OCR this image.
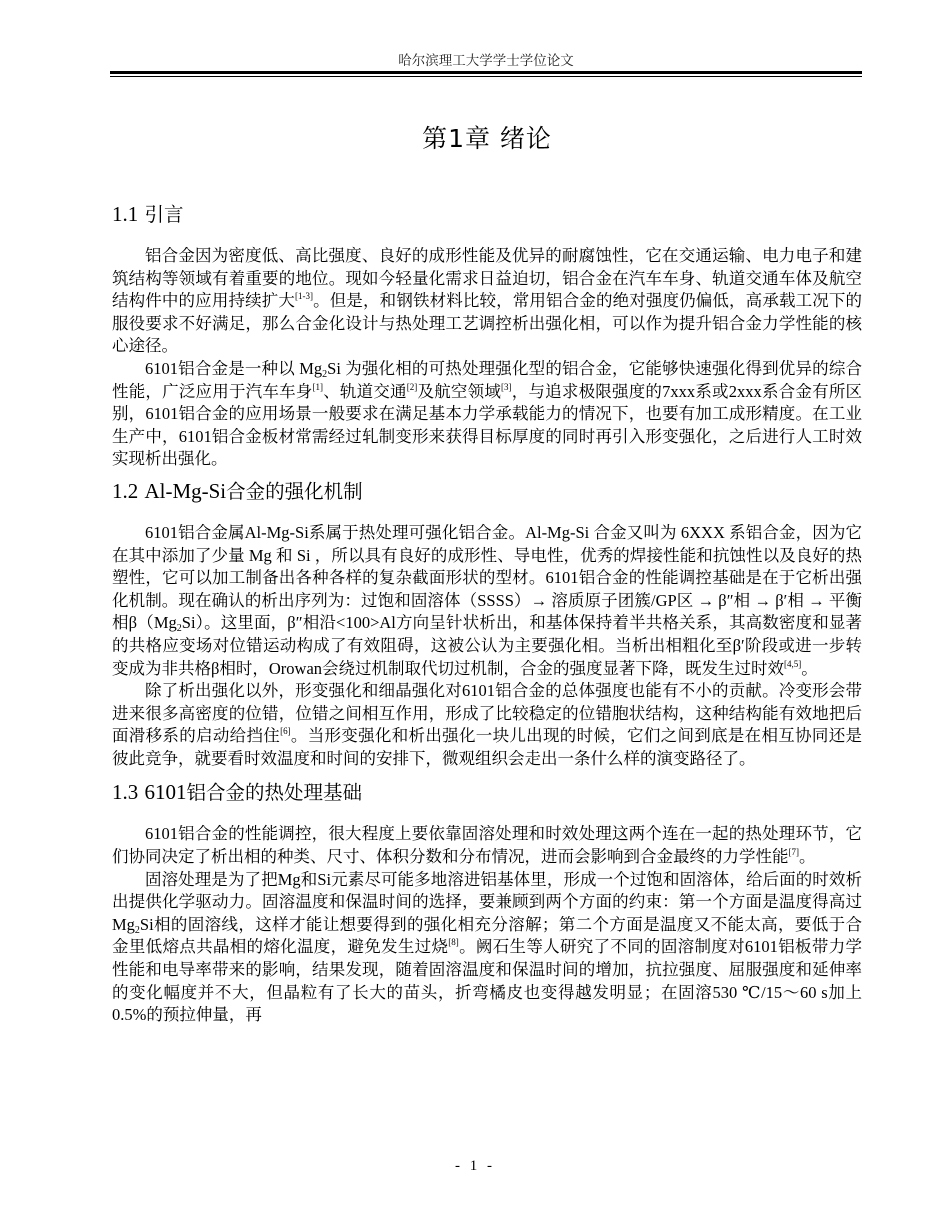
哈尔滨理工大学学士学位论文
第1章 绪论
1.1 引言

铝合金因为密度低、高比强度、良好的成形性能及优异的耐腐蚀性，它在交通运输、电力电子和建筑结构等领域有着重要的地位。现如今轻量化需求日益迫切，铝合金在汽车车身、轨道交通车体及航空结构件中的应用持续扩大[1-3]。但是，和钢铁材料比较，常用铝合金的绝对强度仍偏低，高承载工况下的服役要求不好满足，那么合金化设计与热处理工艺调控析出强化相，可以作为提升铝合金力学性能的核心途径。

6101铝合金是一种以 $Mg_2Si$ 为强化相的可热处理强化型的铝合金，它能够快速强化得到优异的综合性能，广泛应用于汽车车身[1]、轨道交通[2]及航空领域[3]，与追求极限强度的7xxx系或2xxx系合金有所区别，6101铝合金的应用场景一般要求在满足基本力学承载能力的情况下，也要有加工成形精度。在工业生产中，6101铝合金板材常需经过轧制变形来获得目标厚度的同时再引入形变强化，之后进行人工时效实现析出强化。

1.2 Al-Mg-Si合金的强化机制

6101铝合金属Al-Mg-Si系属于热处理可强化铝合金。Al-Mg-Si 合金又叫为 6XXX 系铝合金，因为它在其中添加了少量 Mg 和 Si ，所以具有良好的成形性、导电性，优秀的焊接性能和抗蚀性以及良好的热塑性，它可以加工制备出各种各样的复杂截面形状的型材。6101铝合金的性能调控基础是在于它析出强化机制。现在确认的析出序列为：过饱和固溶体（SSSS）→ 溶质原子团簇/GP区 → β″相 → β′相 → 平衡相$\beta(Mg_2Si)$。这里面，β″相沿<100>Al方向呈针状析出，和基体保持着半共格关系，其高数密度和显著的共格应变场对位错运动构成了有效阻碍，这被公认为主要强化相。当析出相粗化至β′阶段或进一步转变成为非共格β相时，Orowan会绕过机制取代切过机制，合金的强度显著下降，既发生过时效[4,5]。

除了析出强化以外，形变强化和细晶强化对6101铝合金的总体强度也能有不小的贡献。冷变形会带进来很多高密度的位错，位错之间相互作用，形成了比较稳定的位错胞状结构，这种结构能有效地把后面滑移系的启动给挡住[6]。当形变强化和析出强化一块儿出现的时候，它们之间到底是在相互协同还是彼此竞争，就要看时效温度和时间的安排下，微观组织会走出一条什么样的演变路径了。

1.3 6101铝合金的热处理基础

6101铝合金的性能调控，很大程度上要依靠固溶处理和时效处理这两个连在一起的热处理环节，它们协同决定了析出相的种类、尺寸、体积分数和分布情况，进而会影响到合金最终的力学性能[7]。

固溶处理是为了把Mg和Si元素尽可能多地溶进铝基体里，形成一个过饱和固溶体，给后面的时效析出提供化学驱动力。固溶温度和保温时间的选择，要兼顾到两个方面的约束：第一个方面是温度得高过$Mg_2Si$相的固溶线，这样才能让想要得到的强化相充分溶解；第二个方面是温度又不能太高，要低于合金里低熔点共晶相的熔化温度，避免发生过烧[8]。阙石生等人研究了不同的固溶制度对6101铝板带力学性能和电导率带来的影响，结果发现，随着固溶温度和保温时间的增加，抗拉强度、屈服强度和延伸率的变化幅度并不大，但晶粒有了长大的苗头，折弯橘皮也变得越发明显；在固溶530 ℃/15～60 s加上0.5%的预拉伸量，再

- 1 -
